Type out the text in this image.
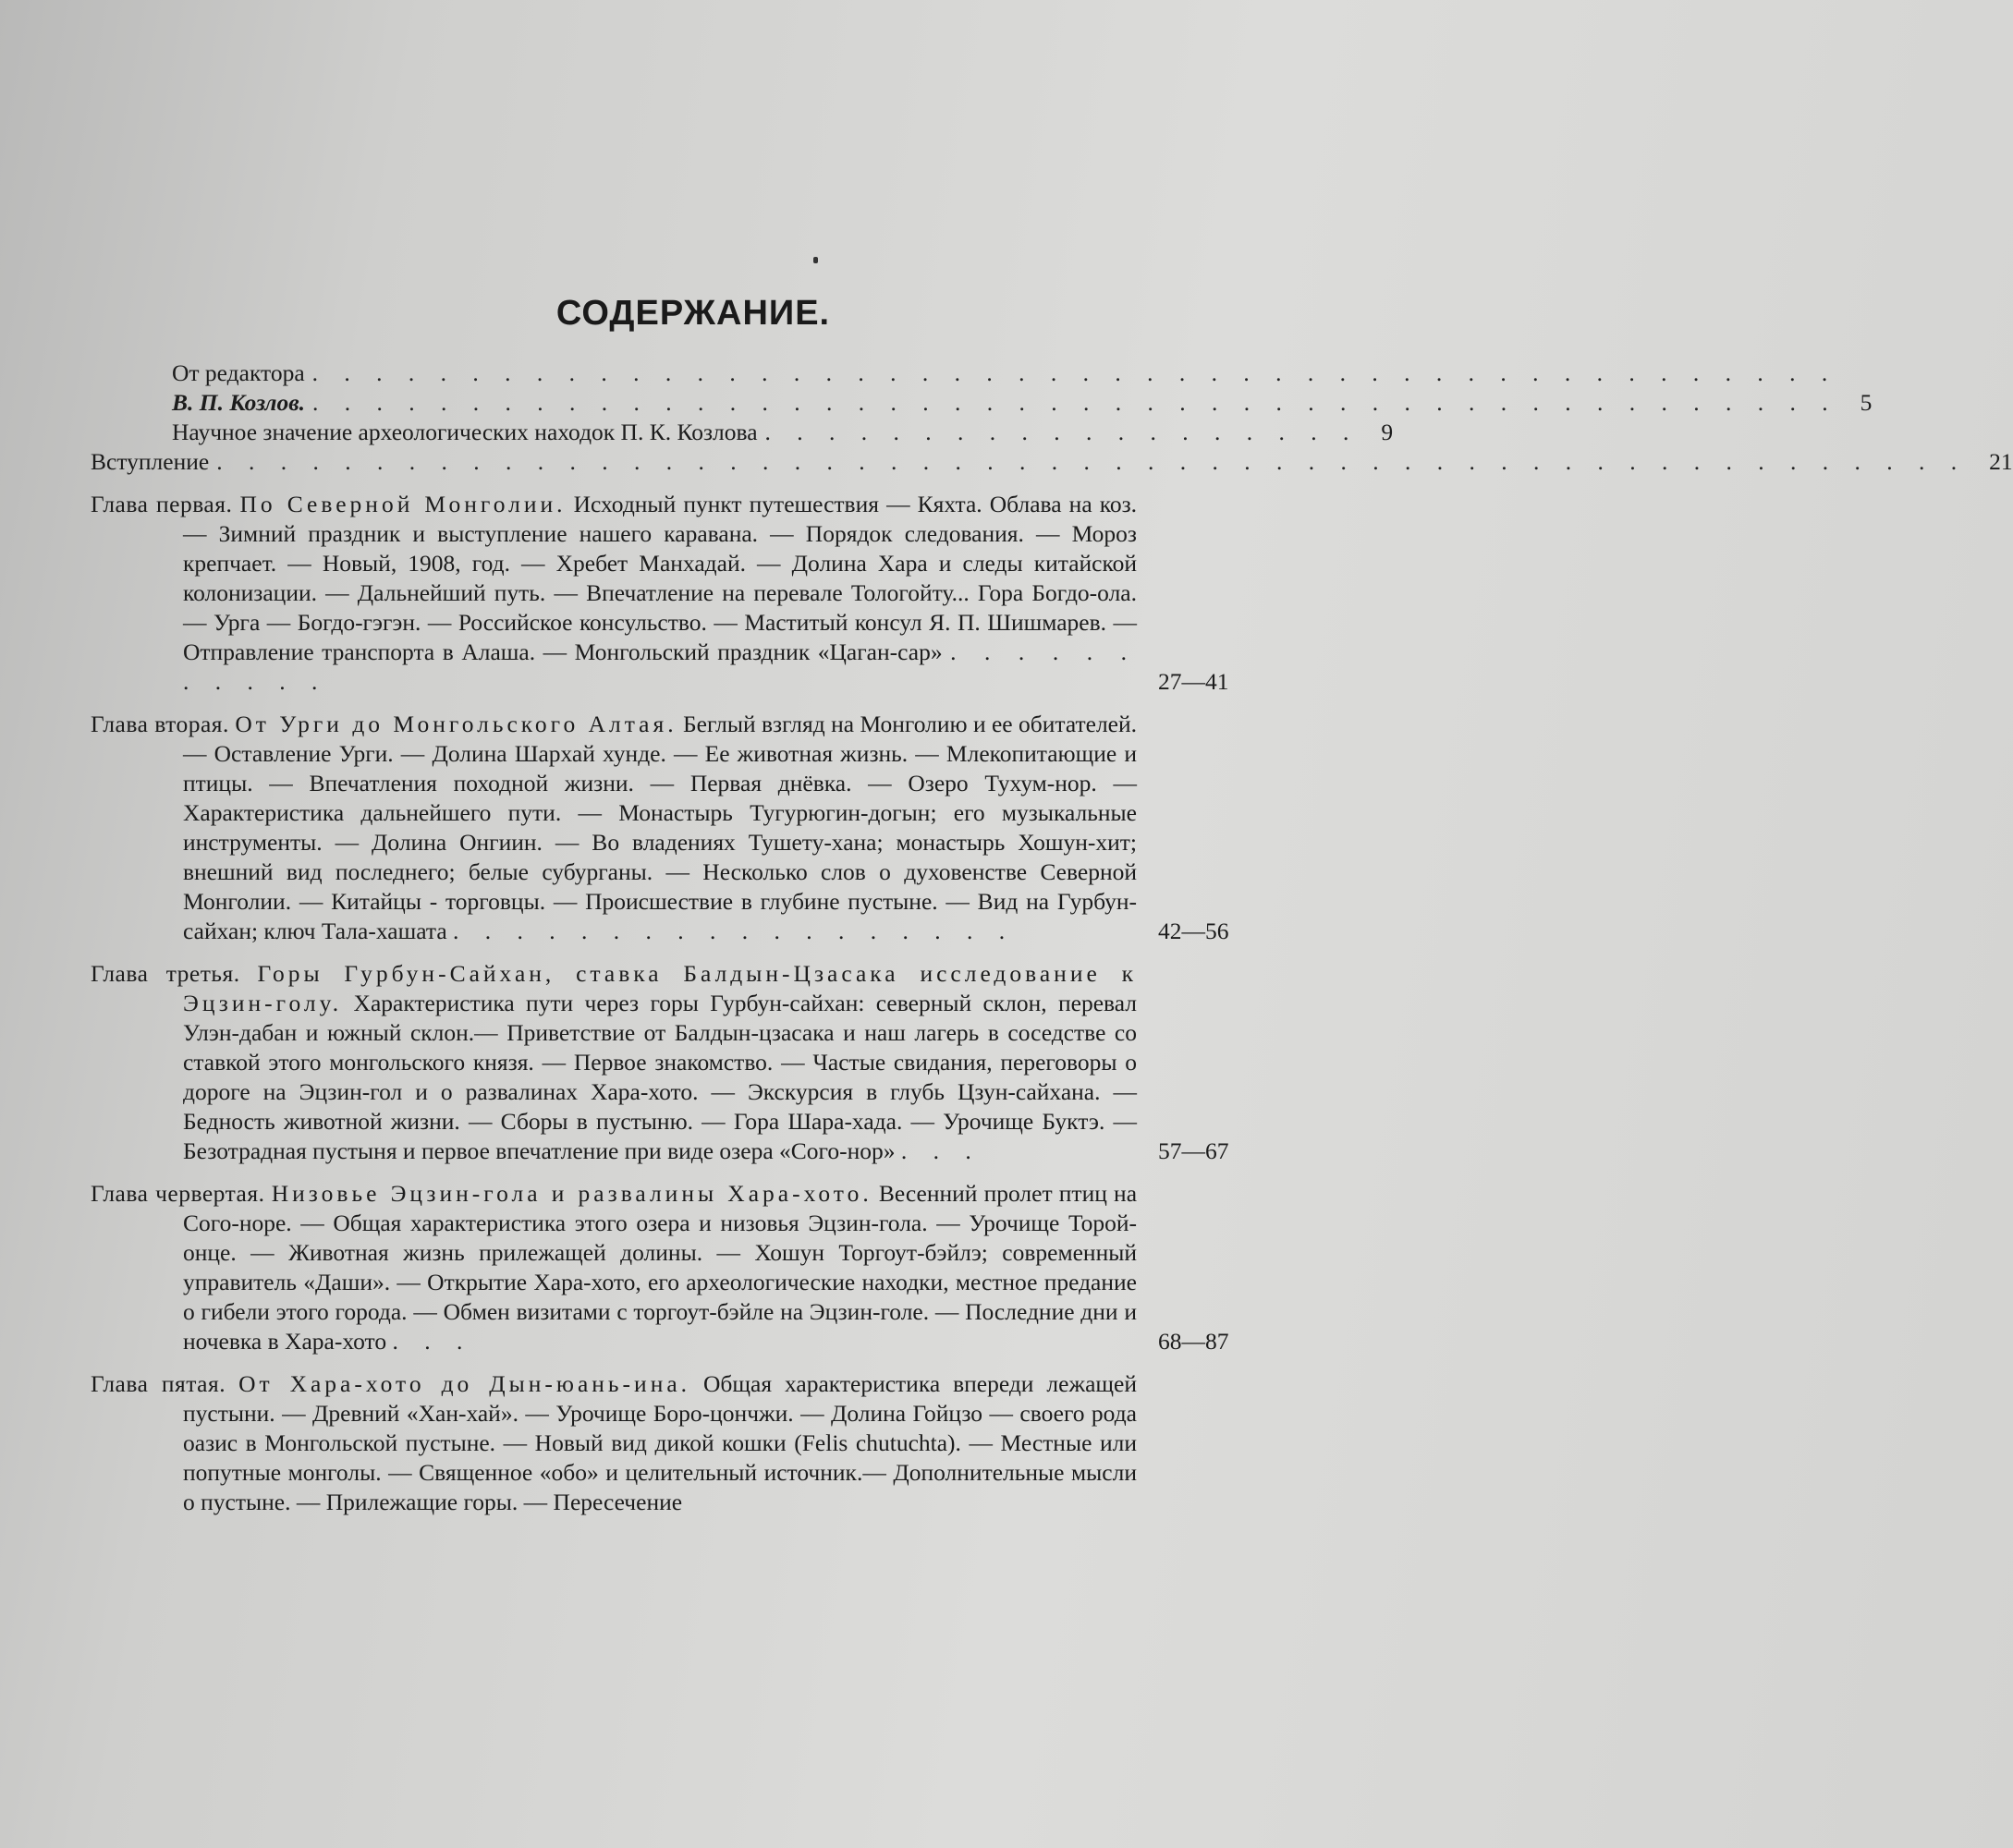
СОДЕРЖАНИЕ.
От редактора . . . . . . . . . . . . . . . . . . . . . . . . . . . . . . . . . . . . . . . . . . . . . . . .
В. П. Козлов. . . . . . . . . . . . . . . . . . . . . . . . . . . . . . . . . . . . . . . . . . . . . . . . . 5
Научное значение археологических находок П. К. Козлова . . . . . . . . . . . . . . . . . . . 9
Вступление . . . . . . . . . . . . . . . . . . . . . . . . . . . . . . . . . . . . . . . . . . . . . . . . . . . . . . . 21
Глава первая. По Северной Монголии. Исходный пункт путешествия — Кяхта. Облава на коз. — Зимний праздник и выступление нашего каравана. — Порядок следования. — Мороз крепчает. — Новый, 1908, год. — Хребет Манхадай. — Долина Хара и следы китайской колонизации. — Дальнейший путь. — Впечатление на перевале Тологойту... Гора Богдо-ола. — Урга — Богдо-гэгэн. — Российское консульство. — Маститый консул Я. П. Шишмарев. — Отправление транспорта в Алаша. — Монгольский праздник «Цаган-сар» . . . . . . . . . . .	27—41
Глава вторая. От Урги до Монгольского Алтая. Беглый взгляд на Монголию и ее обитателей. — Оставление Урги. — Долина Шархай хунде. — Ее животная жизнь. — Млекопитающие и птицы. — Впечатления походной жизни. — Первая днёвка. — Озеро Тухум-нор. — Характеристика дальнейшего пути. — Монастырь Тугурюгин-догын; его музыкальные инструменты. — Долина Онгиин. — Во владениях Тушету-хана; монастырь Хошун-хит; внешний вид последнего; белые субурганы. — Несколько слов о духовенстве Северной Монголии. — Китайцы - торговцы. — Происшествие в глубине пустыне. — Вид на Гурбун-сайхан; ключ Тала-хашата . . . . . . . . . . . . . . . . . .	42—56
Глава третья. Горы Гурбун-Сайхан, ставка Балдын-Цзасака исследование к Эцзин-голу. Характеристика пути через горы Гурбун-сайхан: северный склон, перевал Улэн-дабан и южный склон.— Приветствие от Балдын-цзасака и наш лагерь в соседстве со ставкой этого монгольского князя. — Первое знакомство. — Частые свидания, переговоры о дороге на Эцзин-гол и о развалинах Хара-хото. — Экскурсия в глубь Цзун-сайхана. — Бедность животной жизни. — Сборы в пустыню. — Гора Шара-хада. — Урочище Буктэ. — Безотрадная пустыня и первое впечатление при виде озера «Сого-нор» . . .	57—67
Глава червертая. Низовье Эцзин-гола и развалины Хара-хото. Весенний пролет птиц на Сого-норе. — Общая характеристика этого озера и низовья Эцзин-гола. — Урочище Торой-онце. — Животная жизнь прилежащей долины. — Хошун Торгоут-бэйлэ; современный управитель «Даши». — Открытие Хара-хото, его археологические находки, местное предание о гибели этого города. — Обмен визитами с торгоут-бэйле на Эцзин-голе. — Последние дни и ночевка в Хара-хото . . .	68—87
Глава пятая. От Хара-хото до Дын-юань-ина. Общая характеристика впереди лежащей пустыни. — Древний «Хан-хай». — Урочище Боро-цончжи. — Долина Гойцзо — своего рода оазис в Монгольской пустыне. — Новый вид дикой кошки (Felis chutuchta). — Местные или попутные монголы. — Священное «обо» и целительный источник.— Дополнительные мысли о пустыне. — Прилежащие горы. — Пересечение
